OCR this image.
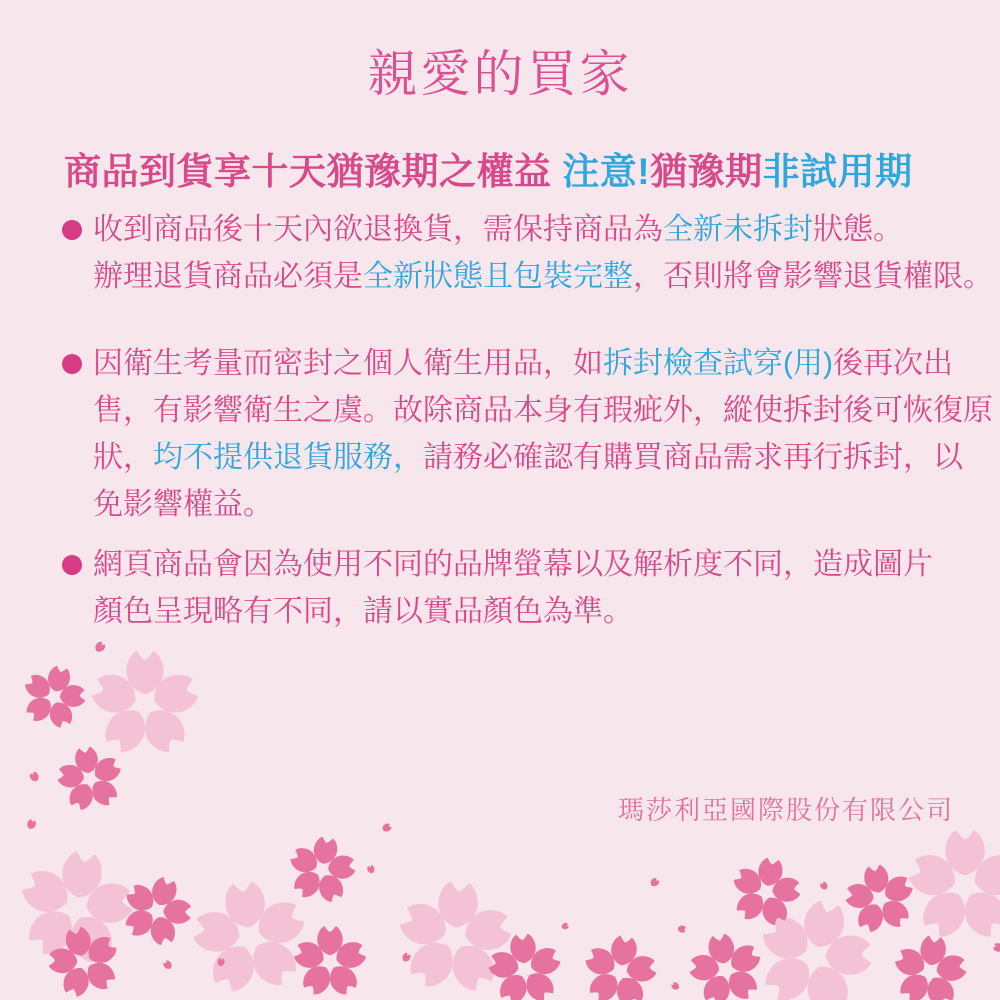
親愛的買家
商品到貨享十天猶豫期之權益 注意!猶豫期非試用期
收到商品後十天內欲退換貨，需保持商品為全新未拆封狀態。
辦理退貨商品必須是全新狀態且包裝完整，否則將會影響退貨權限。
因衛生考量而密封之個人衛生用品，如拆封檢查試穿(用)後再次出
售，有影響衛生之虞。故除商品本身有瑕疵外，縱使拆封後可恢復原
狀，均不提供退貨服務，請務必確認有購買商品需求再行拆封，以
免影響權益。
網頁商品會因為使用不同的品牌螢幕以及解析度不同，造成圖片
顏色呈現略有不同，請以實品顏色為準。
瑪莎利亞國際股份有限公司
